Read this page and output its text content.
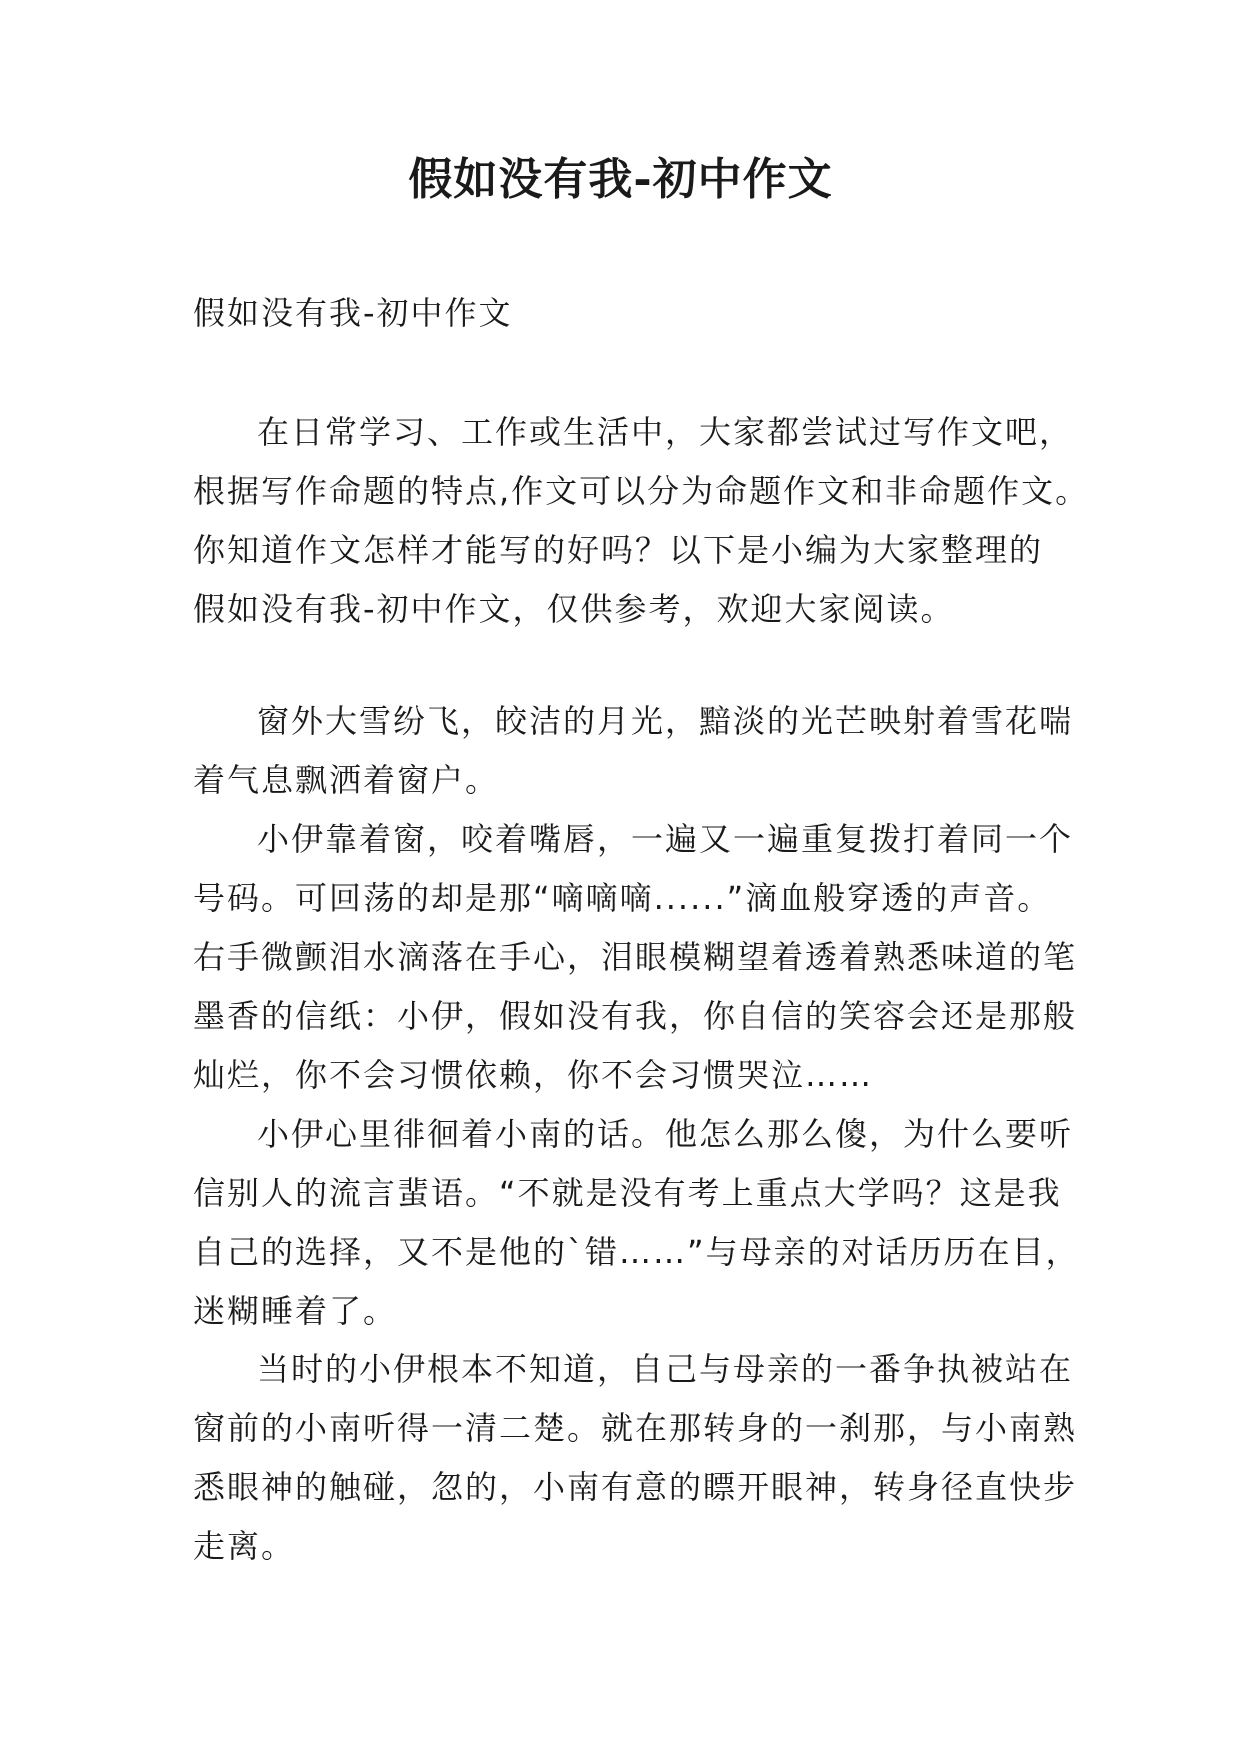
假如没有我-初中作文

假如没有我-初中作文

在日常学习、工作或生活中，大家都尝试过写作文吧，
根据写作命题的特点,作文可以分为命题作文和非命题作文。
你知道作文怎样才能写的好吗？以下是小编为大家整理的
假如没有我-初中作文，仅供参考，欢迎大家阅读。

窗外大雪纷飞，皎洁的月光，黯淡的光芒映射着雪花喘
着气息飘洒着窗户。

小伊靠着窗，咬着嘴唇，一遍又一遍重复拨打着同一个
号码。可回荡的却是那“嘀嘀嘀......”滴血般穿透的声音。
右手微颤泪水滴落在手心，泪眼模糊望着透着熟悉味道的笔
墨香的信纸：小伊，假如没有我，你自信的笑容会还是那般
灿烂，你不会习惯依赖，你不会习惯哭泣……

小伊心里徘徊着小南的话。他怎么那么傻，为什么要听
信别人的流言蜚语。“不就是没有考上重点大学吗？这是我
自己的选择，又不是他的`错……”与母亲的对话历历在目，
迷糊睡着了。

当时的小伊根本不知道，自己与母亲的一番争执被站在
窗前的小南听得一清二楚。就在那转身的一刹那，与小南熟
悉眼神的触碰，忽的，小南有意的瞟开眼神，转身径直快步
走离。
